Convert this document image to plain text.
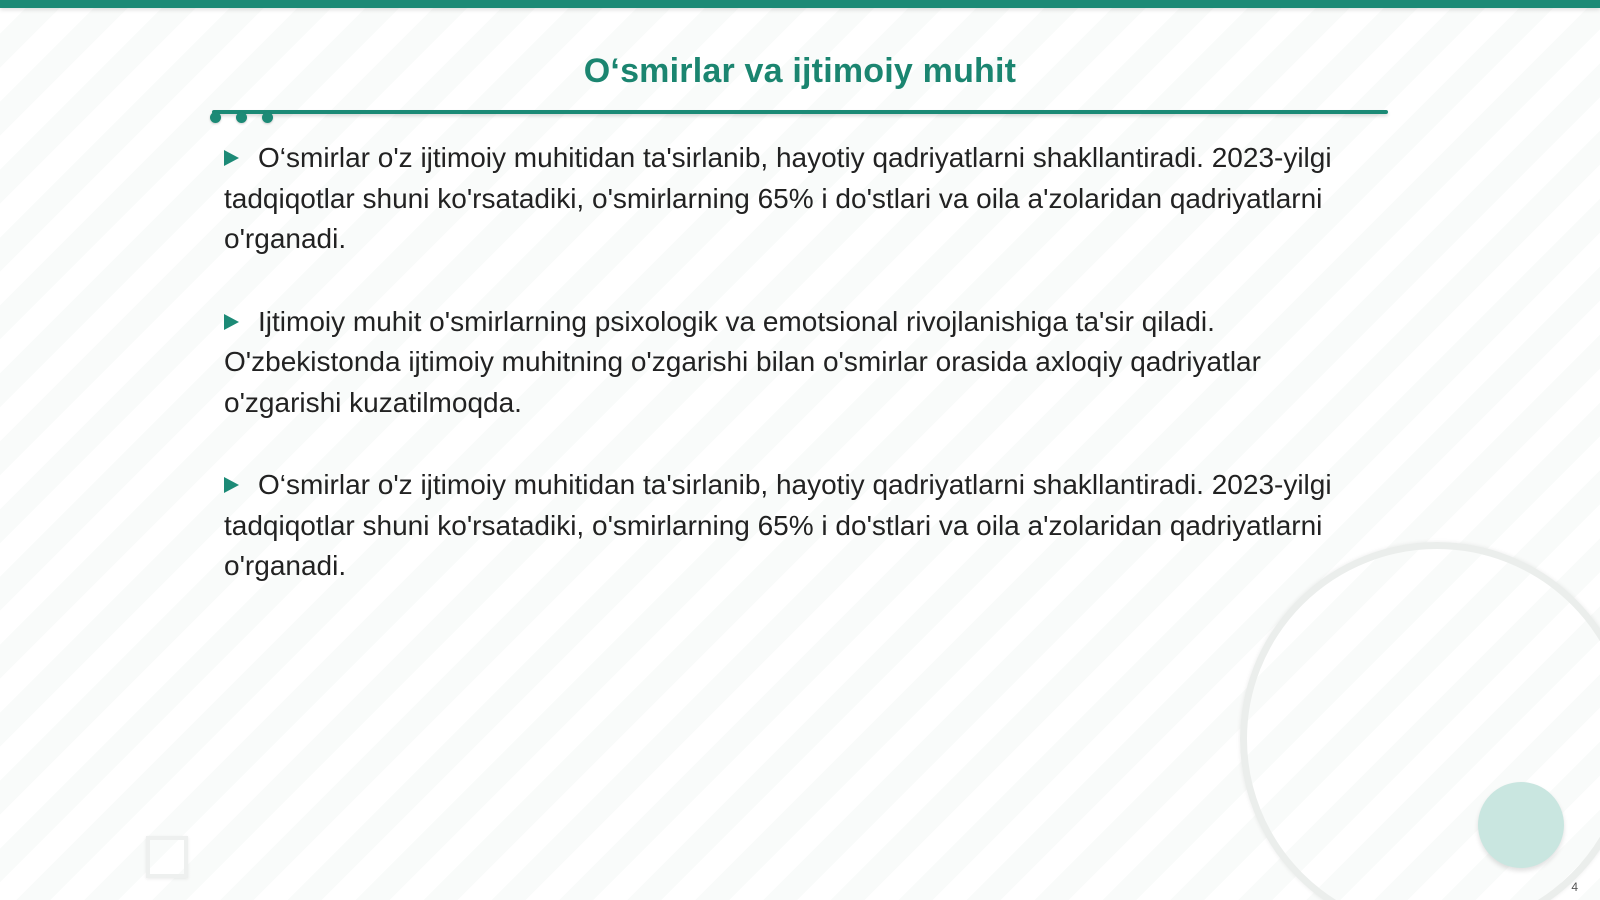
O‘smirlar va ijtimoiy muhit
O‘smirlar o'z ijtimoiy muhitidan ta'sirlanib, hayotiy qadriyatlarni shakllantiradi. 2023-yilgi tadqiqotlar shuni ko'rsatadiki, o'smirlarning 65% i do'stlari va oila a'zolaridan qadriyatlarni o'rganadi.
Ijtimoiy muhit o'smirlarning psixologik va emotsional rivojlanishiga ta'sir qiladi. O'zbekistonda ijtimoiy muhitning o'zgarishi bilan o'smirlar orasida axloqiy qadriyatlar o'zgarishi kuzatilmoqda.
O‘smirlar o'z ijtimoiy muhitidan ta'sirlanib, hayotiy qadriyatlarni shakllantiradi. 2023-yilgi tadqiqotlar shuni ko'rsatadiki, o'smirlarning 65% i do'stlari va oila a'zolaridan qadriyatlarni o'rganadi.
4
